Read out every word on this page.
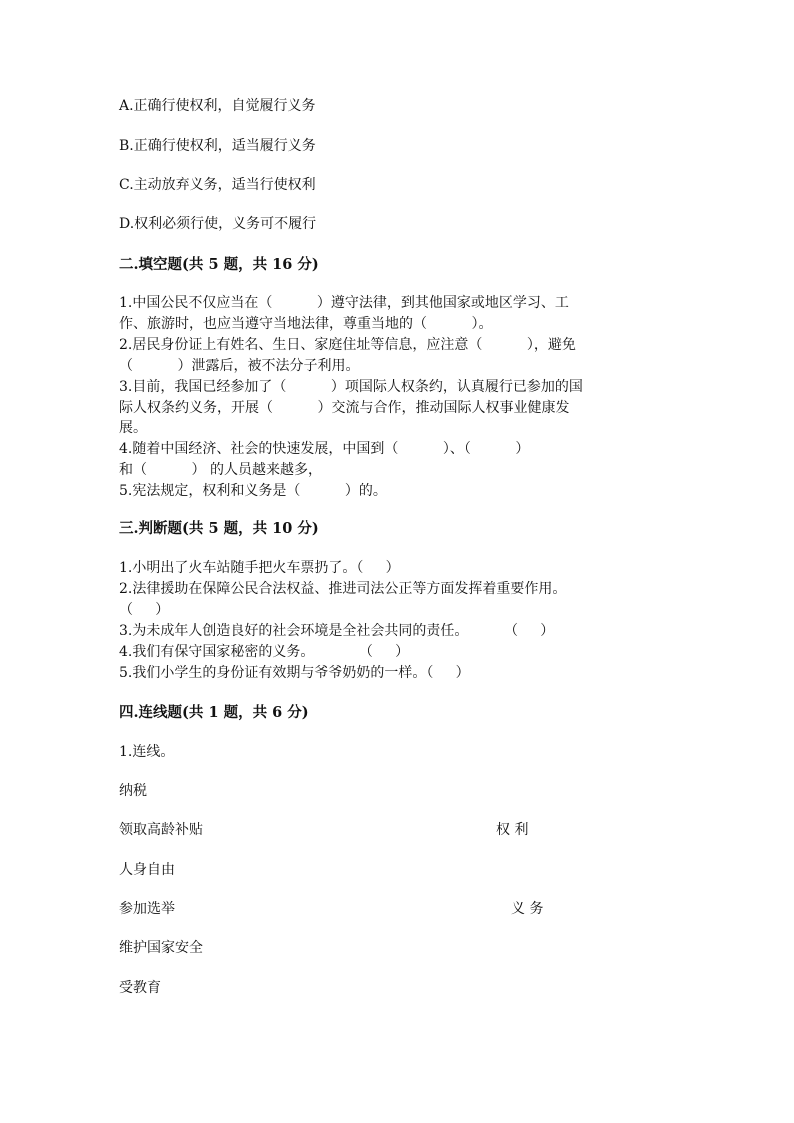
A.正确行使权利，自觉履行义务
B.正确行使权利，适当履行义务
C.主动放弃义务，适当行使权利
D.权利必须行使，义务可不履行
二.填空题(共 5 题，共 16 分)
1.中国公民不仅应当在（          ）遵守法律，到其他国家或地区学习、工
作、旅游时，也应当遵守当地法律，尊重当地的（          ）。
2.居民身份证上有姓名、生日、家庭住址等信息，应注意（          ），避免
（          ）泄露后，被不法分子利用。
3.目前，我国已经参加了（          ）项国际人权条约，认真履行已参加的国
际人权条约义务，开展（          ）交流与合作，推动国际人权事业健康发
展。
4.随着中国经济、社会的快速发展，中国到（          ）、（          ）
和（          ） 的人员越来越多，
5.宪法规定，权利和义务是（          ）的。
三.判断题(共 5 题，共 10 分)
1.小明出了火车站随手把火车票扔了。（     ）
2.法律援助在保障公民合法权益、推进司法公正等方面发挥着重要作用。
（     ）
3.为未成年人创造良好的社会环境是全社会共同的责任。        （     ）
4.我们有保守国家秘密的义务。          （     ）
5.我们小学生的身份证有效期与爷爷奶奶的一样。（     ）
四.连线题(共 1 题，共 6 分)
1.连线。
纳税
领取高龄补贴
人身自由
参加选举
维护国家安全
受教育
权 利
义 务
